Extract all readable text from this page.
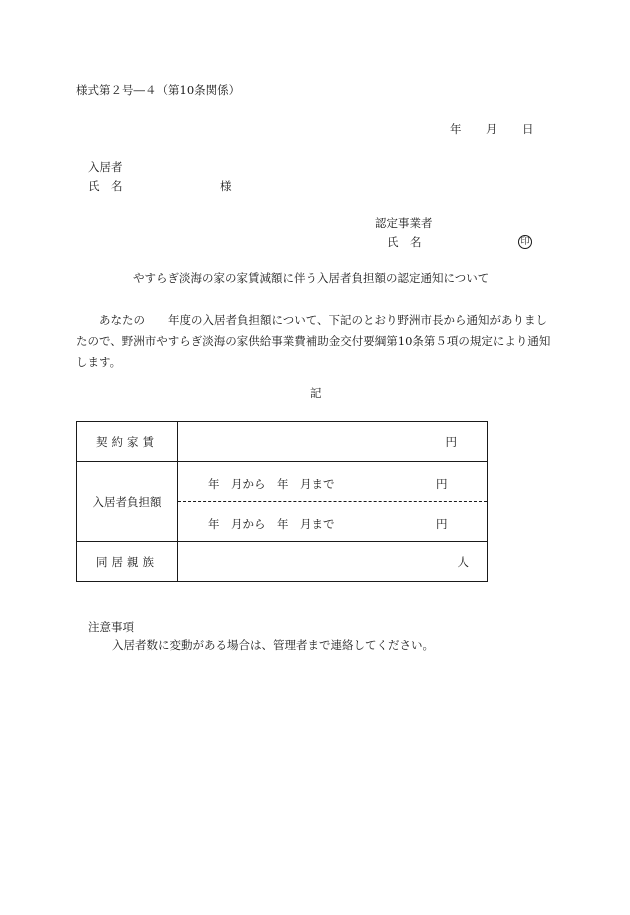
様式第２号―４（第10条関係）
年 月 日
入居者
氏　名	様
認定事業者
氏　名	印
やすらぎ淡海の家の家賃減額に伴う入居者負担額の認定通知について

あなたの　　年度の入居者負担額について、下記のとおり野洲市長から通知がありましたので、野洲市やすらぎ淡海の家供給事業費補助金交付要綱第10条第５項の規定により通知します。

記
契約家賃	円

入居者負担額	年　月から　年　月まで 円
年　月から　年　月まで 円

同居親族	人
注意事項
入居者数に変動がある場合は、管理者まで連絡してください。
